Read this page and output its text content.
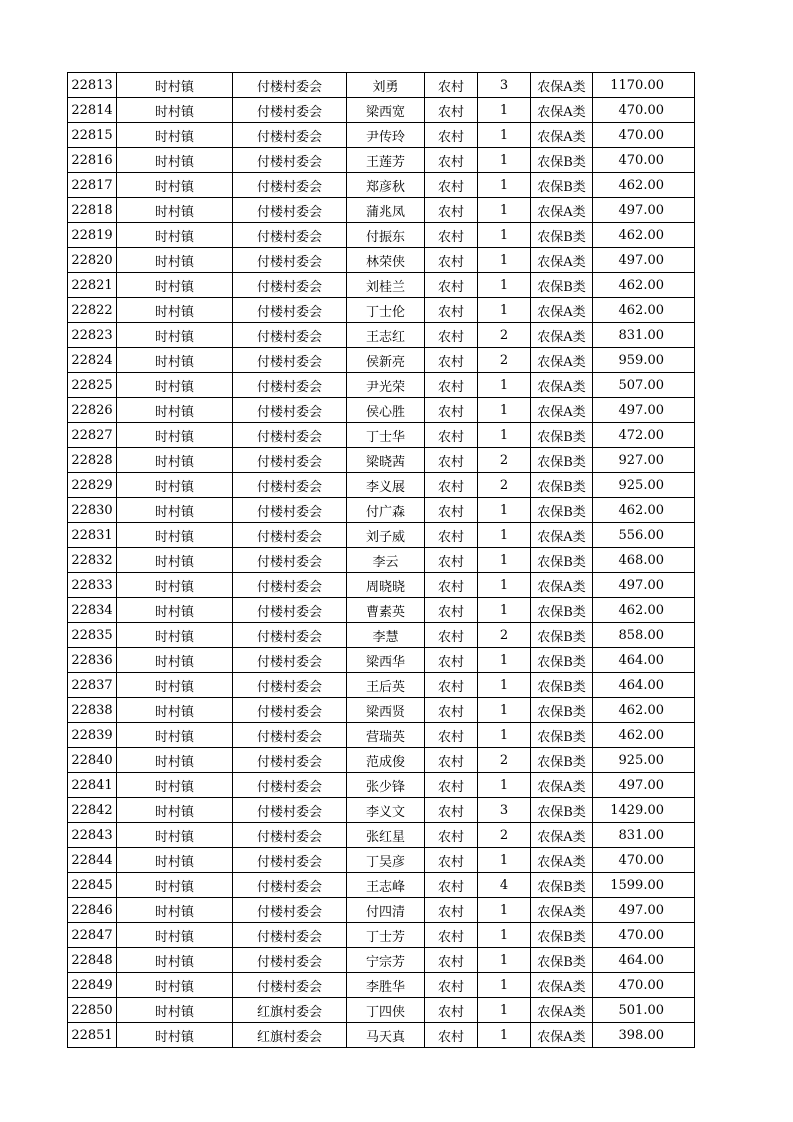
22813	时村镇	付楼村委会	刘勇	农村	3	农保A类	1170.00
22814	时村镇	付楼村委会	梁西宽	农村	1	农保A类	470.00
22815	时村镇	付楼村委会	尹传玲	农村	1	农保A类	470.00
22816	时村镇	付楼村委会	王莲芳	农村	1	农保B类	470.00
22817	时村镇	付楼村委会	郑彦秋	农村	1	农保B类	462.00
22818	时村镇	付楼村委会	蒲兆凤	农村	1	农保A类	497.00
22819	时村镇	付楼村委会	付振东	农村	1	农保B类	462.00
22820	时村镇	付楼村委会	林荣侠	农村	1	农保A类	497.00
22821	时村镇	付楼村委会	刘桂兰	农村	1	农保B类	462.00
22822	时村镇	付楼村委会	丁士伦	农村	1	农保A类	462.00
22823	时村镇	付楼村委会	王志红	农村	2	农保A类	831.00
22824	时村镇	付楼村委会	侯新亮	农村	2	农保A类	959.00
22825	时村镇	付楼村委会	尹光荣	农村	1	农保A类	507.00
22826	时村镇	付楼村委会	侯心胜	农村	1	农保A类	497.00
22827	时村镇	付楼村委会	丁士华	农村	1	农保B类	472.00
22828	时村镇	付楼村委会	梁晓茜	农村	2	农保B类	927.00
22829	时村镇	付楼村委会	李义展	农村	2	农保B类	925.00
22830	时村镇	付楼村委会	付广森	农村	1	农保B类	462.00
22831	时村镇	付楼村委会	刘子威	农村	1	农保A类	556.00
22832	时村镇	付楼村委会	李云	农村	1	农保B类	468.00
22833	时村镇	付楼村委会	周晓晓	农村	1	农保A类	497.00
22834	时村镇	付楼村委会	曹素英	农村	1	农保B类	462.00
22835	时村镇	付楼村委会	李慧	农村	2	农保B类	858.00
22836	时村镇	付楼村委会	梁西华	农村	1	农保B类	464.00
22837	时村镇	付楼村委会	王后英	农村	1	农保B类	464.00
22838	时村镇	付楼村委会	梁西贤	农村	1	农保B类	462.00
22839	时村镇	付楼村委会	营瑞英	农村	1	农保B类	462.00
22840	时村镇	付楼村委会	范成俊	农村	2	农保B类	925.00
22841	时村镇	付楼村委会	张少锋	农村	1	农保A类	497.00
22842	时村镇	付楼村委会	李义文	农村	3	农保B类	1429.00
22843	时村镇	付楼村委会	张红星	农村	2	农保A类	831.00
22844	时村镇	付楼村委会	丁吴彦	农村	1	农保A类	470.00
22845	时村镇	付楼村委会	王志峰	农村	4	农保B类	1599.00
22846	时村镇	付楼村委会	付四清	农村	1	农保A类	497.00
22847	时村镇	付楼村委会	丁士芳	农村	1	农保B类	470.00
22848	时村镇	付楼村委会	宁宗芳	农村	1	农保B类	464.00
22849	时村镇	付楼村委会	李胜华	农村	1	农保A类	470.00
22850	时村镇	红旗村委会	丁四侠	农村	1	农保A类	501.00
22851	时村镇	红旗村委会	马天真	农村	1	农保A类	398.00
